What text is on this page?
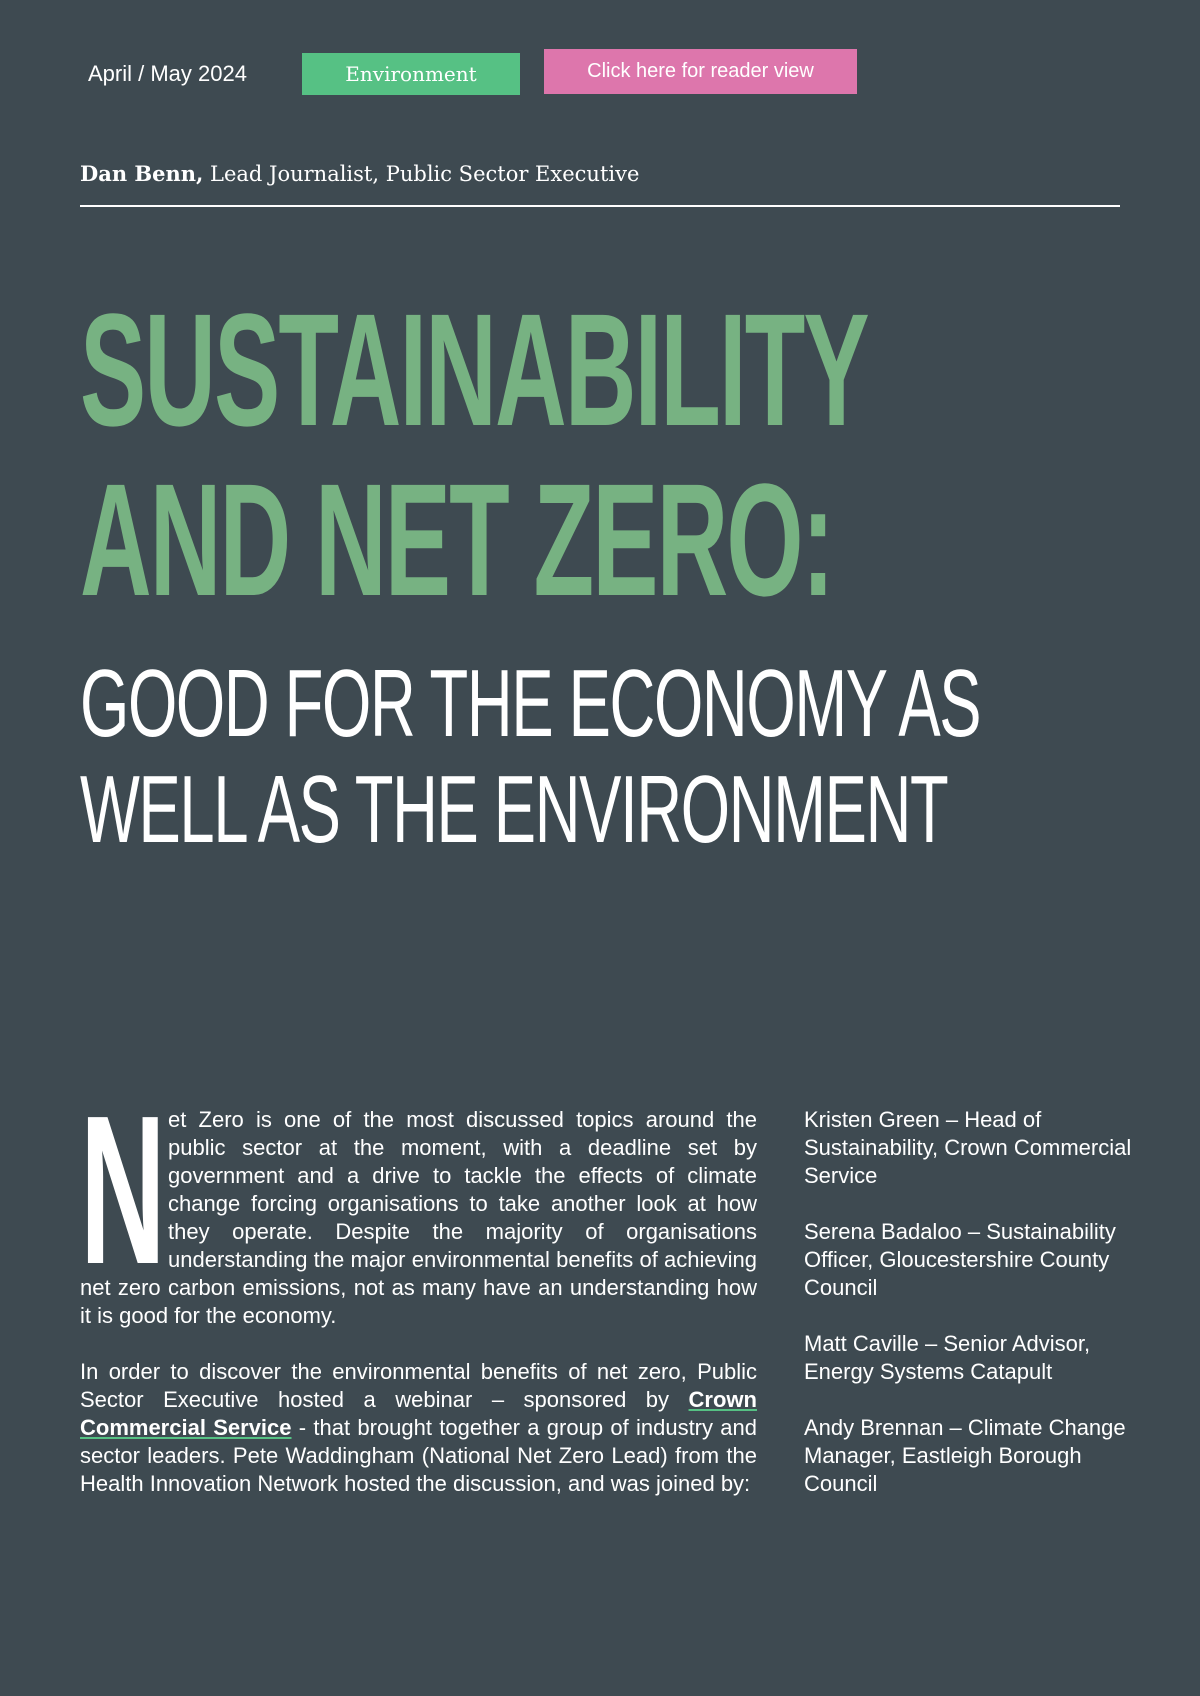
April / May 2024	Environment	Click here for reader view
Dan Benn, Lead Journalist, Public Sector Executive
SUSTAINABILITY
AND NET ZERO:
GOOD FOR THE ECONOMY AS
WELL AS THE ENVIRONMENT

N et Zero is one of the most discussed topics around the public sector at the moment, with a deadline set by government and a drive to tackle the effects of climate change forcing organisations to take another look at how they operate. Despite the majority of organisations understanding the major environmental benefits of achieving net zero carbon emissions, not as many have an understanding how it is good for the economy.

In order to discover the environmental benefits of net zero, Public Sector Executive hosted a webinar – sponsored by Crown Commercial Service - that brought together a group of industry and sector leaders. Pete Waddingham (National Net Zero Lead) from the Health Innovation Network hosted the discussion, and was joined by:

Kristen Green – Head of Sustainability, Crown Commercial Service
Serena Badaloo – Sustainability Officer, Gloucestershire County Council
Matt Caville – Senior Advisor, Energy Systems Catapult
Andy Brennan – Climate Change Manager, Eastleigh Borough Council
